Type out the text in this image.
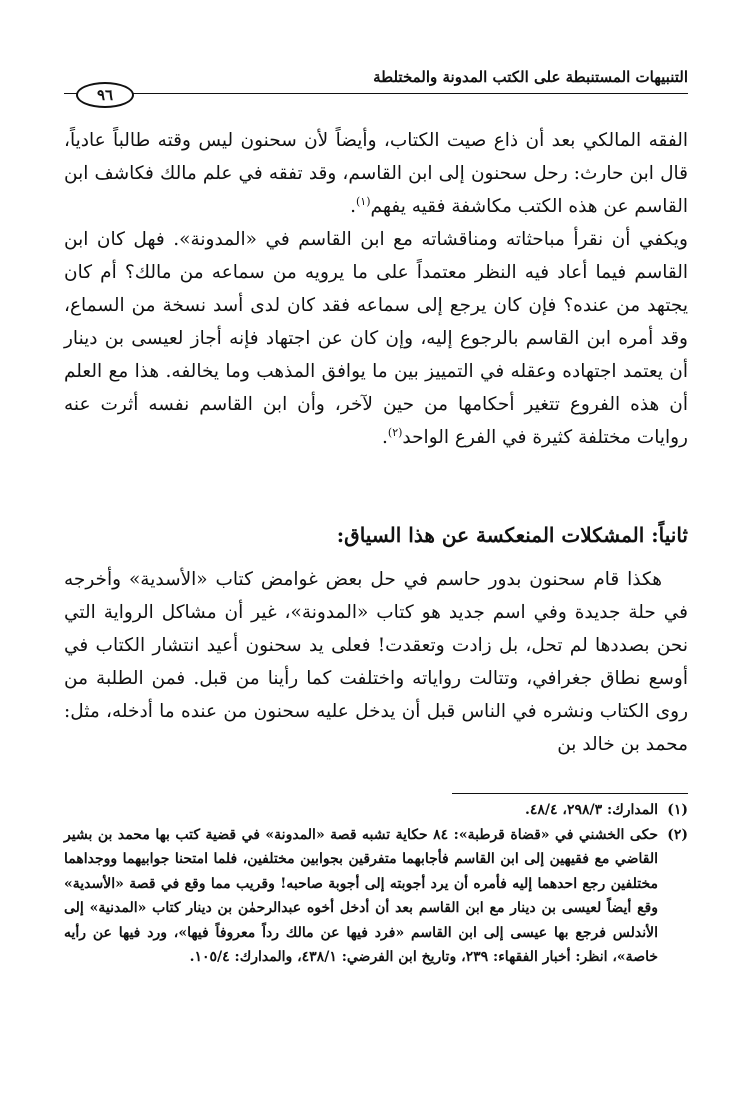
التنبيهات المستنبطة على الكتب المدونة والمختلطة
٩٦

الفقه المالكي بعد أن ذاع صيت الكتاب، وأيضاً لأن سحنون ليس وقته طالباً عادياً، قال ابن حارث: رحل سحنون إلى ابن القاسم، وقد تفقه في علم مالك فكاشف ابن القاسم عن هذه الكتب مكاشفة فقيه يفهم$^{(١)}$.

ويكفي أن نقرأ مباحثاته ومناقشاته مع ابن القاسم في «المدونة». فهل كان ابن القاسم فيما أعاد فيه النظر معتمداً على ما يرويه من سماعه من مالك؟ أم كان يجتهد من عنده؟ فإن كان يرجع إلى سماعه فقد كان لدى أسد نسخة من السماع، وقد أمره ابن القاسم بالرجوع إليه، وإن كان عن اجتهاد فإنه أجاز لعيسى بن دينار أن يعتمد اجتهاده وعقله في التمييز بين ما يوافق المذهب وما يخالفه. هذا مع العلم أن هذه الفروع تتغير أحكامها من حين لآخر، وأن ابن القاسم نفسه أثرت عنه روايات مختلفة كثيرة في الفرع الواحد$^{(٢)}$.

ثانياً: المشكلات المنعكسة عن هذا السياق:

هكذا قام سحنون بدور حاسم في حل بعض غوامض كتاب «الأسدية» وأخرجه في حلة جديدة وفي اسم جديد هو كتاب «المدونة»، غير أن مشاكل الرواية التي نحن بصددها لم تحل، بل زادت وتعقدت! فعلى يد سحنون أعيد انتشار الكتاب في أوسع نطاق جغرافي، وتتالت رواياته واختلفت كما رأينا من قبل. فمن الطلبة من روى الكتاب ونشره في الناس قبل أن يدخل عليه سحنون من عنده ما أدخله، مثل: محمد بن خالد بن

(١)
المدارك: ٢٩٨/٣، ٤٨/٤.

(٢)
حكى الخشني في «قضاة قرطبة»: ٨٤ حكاية تشبه قصة «المدونة» في قضية كتب بها محمد بن بشير القاضي مع فقيهين إلى ابن القاسم فأجابهما متفرقين بجوابين مختلفين، فلما امتحنا جوابيهما ووجداهما مختلفين رجع احدهما إليه فأمره أن يرد أجوبته إلى أجوبة صاحبه! وقريب مما وقع في قصة «الأسدية» وقع أيضاً لعيسى بن دينار مع ابن القاسم بعد أن أدخل أخوه عبدالرحمٰن بن دينار كتاب «المدنية» إلى الأندلس فرجع بها عيسى إلى ابن القاسم «فرد فيها عن مالك رداً معروفاً فيها»، ورد فيها عن رأيه خاصة»، انظر: أخبار الفقهاء: ٢٣٩، وتاريخ ابن الفرضي: ٤٣٨/١، والمدارك: ١٠٥/٤.
